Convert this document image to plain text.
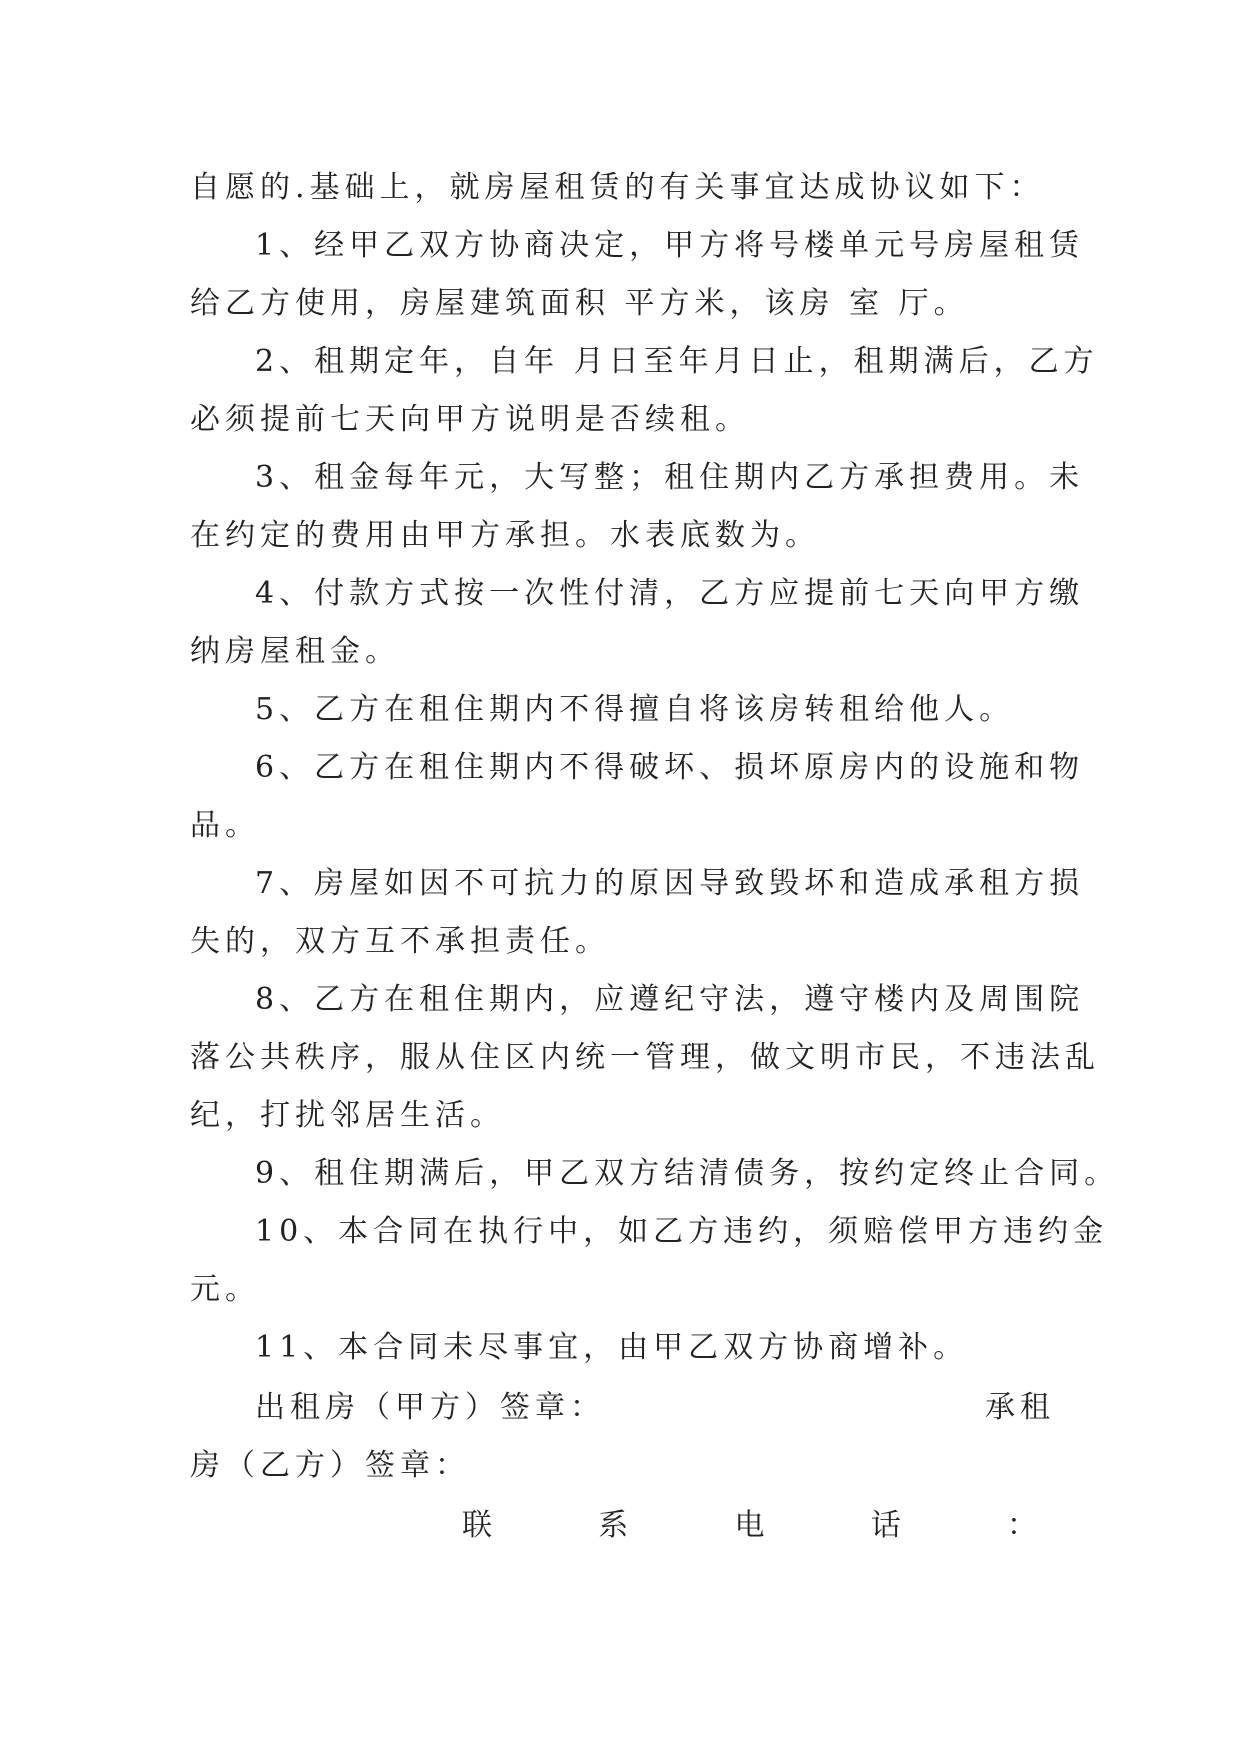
自愿的.基础上，就房屋租赁的有关事宜达成协议如下：
1、经甲乙双方协商决定，甲方将号楼单元号房屋租赁
给乙方使用，房屋建筑面积 平方米，该房 室 厅。
2、租期定年，自年 月日至年月日止，租期满后，乙方
必须提前七天向甲方说明是否续租。
3、租金每年元，大写整；租住期内乙方承担费用。未
在约定的费用由甲方承担。水表底数为。
4、付款方式按一次性付清，乙方应提前七天向甲方缴
纳房屋租金。
5、乙方在租住期内不得擅自将该房转租给他人。
6、乙方在租住期内不得破坏、损坏原房内的设施和物
品。
7、房屋如因不可抗力的原因导致毁坏和造成承租方损
失的，双方互不承担责任。
8、乙方在租住期内，应遵纪守法，遵守楼内及周围院
落公共秩序，服从住区内统一管理，做文明市民，不违法乱
纪，打扰邻居生活。
9、租住期满后，甲乙双方结清债务，按约定终止合同。
10、本合同在执行中，如乙方违约，须赔偿甲方违约金
元。
11、本合同未尽事宜，由甲乙双方协商增补。
出租房（甲方）签章：	承租
房（乙方）签章：
联	系	电	话	：
